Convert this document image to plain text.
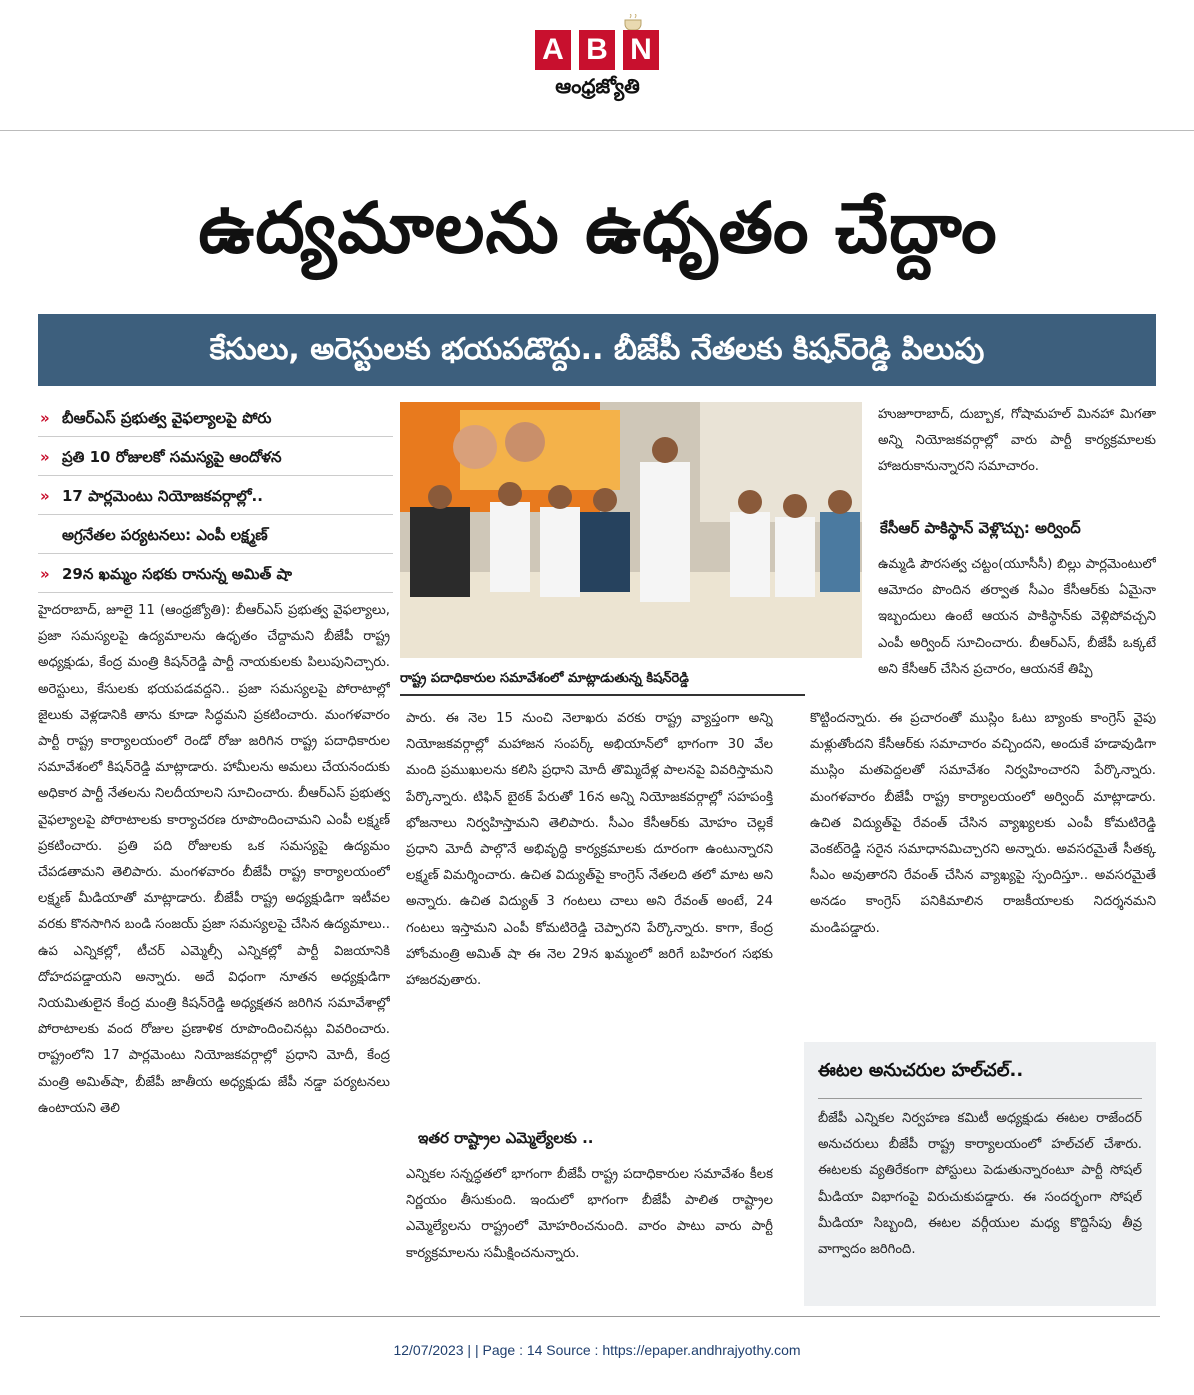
A B N
ఆంధ్రజ్యోతి
ఉద్యమాలను ఉధృతం చేద్దాం
కేసులు, అరెస్టులకు భయపడొద్దు.. బీజేపీ నేతలకు కిషన్‌రెడ్డి పిలుపు
» బీఆర్‌ఎస్ ప్రభుత్వ వైఫల్యాలపై పోరు
» ప్రతి 10 రోజులకో సమస్యపై ఆందోళన
» 17 పార్లమెంటు నియోజకవర్గాల్లో..
అగ్రనేతల పర్యటనలు: ఎంపీ లక్ష్మణ్
» 29న ఖమ్మం సభకు రానున్న అమిత్ షా

హైదరాబాద్, జూలై 11 (ఆంధ్రజ్యోతి): బీఆర్‌ఎస్ ప్రభుత్వ వైఫల్యాలు, ప్రజా సమస్యలపై ఉద్యమాలను ఉధృతం చేద్దామని బీజేపీ రాష్ట్ర అధ్యక్షుడు, కేంద్ర మంత్రి కిషన్‌రెడ్డి పార్టీ నాయకులకు పిలుపునిచ్చారు. అరెస్టులు, కేసులకు భయపడవద్దని.. ప్రజా సమస్యలపై పోరాటాల్లో జైలుకు వెళ్లడానికి తాను కూడా సిద్ధమని ప్రకటించారు. మంగళవారం పార్టీ రాష్ట్ర కార్యాలయంలో రెండో రోజు జరిగిన రాష్ట్ర పదాధికారుల సమావేశంలో కిషన్‌రెడ్డి మాట్లాడారు. హామీలను అమలు చేయనందుకు అధికార పార్టీ నేతలను నిలదీయాలని సూచించారు. బీఆర్‌ఎస్ ప్రభుత్వ వైఫల్యాలపై పోరాటాలకు కార్యాచరణ రూపొందించామని ఎంపీ లక్ష్మణ్ ప్రకటించారు. ప్రతి పది రోజులకు ఒక సమస్యపై ఉద్యమం చేపడతామని తెలిపారు. మంగళవారం బీజేపీ రాష్ట్ర కార్యాలయంలో లక్ష్మణ్ మీడియాతో మాట్లాడారు. బీజేపీ రాష్ట్ర అధ్యక్షుడిగా ఇటీవల వరకు కొనసాగిన బండి సంజయ్ ప్రజా సమస్యలపై చేసిన ఉద్యమాలు.. ఉప ఎన్నికల్లో, టీచర్ ఎమ్మెల్సీ ఎన్నికల్లో పార్టీ విజయానికి దోహదపడ్డాయని అన్నారు. అదే విధంగా నూతన అధ్యక్షుడిగా నియమితులైన కేంద్ర మంత్రి కిషన్‌రెడ్డి అధ్యక్షతన జరిగిన సమావేశాల్లో పోరాటాలకు వంద రోజుల ప్రణాళిక రూపొందించినట్లు వివరించారు. రాష్ట్రంలోని 17 పార్లమెంటు నియోజకవర్గాల్లో ప్రధాని మోదీ, కేంద్ర మంత్రి అమిత్‌షా, బీజేపీ జాతీయ అధ్యక్షుడు జేపీ నడ్డా పర్యటనలు ఉంటాయని తెలి

రాష్ట్ర పదాధికారుల సమావేశంలో మాట్లాడుతున్న కిషన్‌రెడ్డి

పారు. ఈ నెల 15 నుంచి నెలాఖరు వరకు రాష్ట్ర వ్యాప్తంగా అన్ని నియోజకవర్గాల్లో మహాజన సంపర్క్ అభియాన్‌లో భాగంగా 30 వేల మంది ప్రముఖులను కలిసి ప్రధాని మోదీ తొమ్మిదేళ్ల పాలనపై వివరిస్తామని పేర్కొన్నారు. టిఫిన్ బైఠక్ పేరుతో 16న అన్ని నియోజకవర్గాల్లో సహపంక్తి భోజనాలు నిర్వహిస్తామని తెలిపారు. సీఎం కేసీఆర్‌కు మోహం చెల్లకే ప్రధాని మోదీ పాల్గొనే అభివృద్ధి కార్యక్రమాలకు దూరంగా ఉంటున్నారని లక్ష్మణ్ విమర్శించారు. ఉచిత విద్యుత్‌పై కాంగ్రెస్ నేతలది తలో మాట అని అన్నారు. ఉచిత విద్యుత్ 3 గంటలు చాలు అని రేవంత్ అంటే, 24 గంటలు ఇస్తామని ఎంపీ కోమటిరెడ్డి చెప్పారని పేర్కొన్నారు. కాగా, కేంద్ర హోంమంత్రి అమిత్ షా ఈ నెల 29న ఖమ్మంలో జరిగే బహిరంగ సభకు హాజరవుతారు.

ఇతర రాష్ట్రాల ఎమ్మెల్యేలకు ..

ఎన్నికల సన్నద్ధతలో భాగంగా బీజేపీ రాష్ట్ర పదాధికారుల సమావేశం కీలక నిర్ణయం తీసుకుంది. ఇందులో భాగంగా బీజేపీ పాలిత రాష్ట్రాల ఎమ్మెల్యేలను రాష్ట్రంలో మోహరించనుంది. వారం పాటు వారు పార్టీ కార్యక్రమాలను సమీక్షించనున్నారు.

హుజూరాబాద్, దుబ్బాక, గోషామహల్ మినహా మిగతా అన్ని నియోజకవర్గాల్లో వారు పార్టీ కార్యక్రమాలకు హాజరుకానున్నారని సమాచారం.

కేసీఆర్ పాకిస్థాన్ వెళ్లొచ్చు: అర్వింద్

ఉమ్మడి పౌరసత్వ చట్టం(యూసీసీ) బిల్లు పార్లమెంటులో ఆమోదం పొందిన తర్వాత సీఎం కేసీఆర్‌కు ఏమైనా ఇబ్బందులు ఉంటే ఆయన పాకిస్థాన్‌కు వెళ్లిపోవచ్చని ఎంపీ అర్వింద్ సూచించారు. బీఆర్‌ఎస్, బీజేపీ ఒక్కటే అని కేసీఆర్ చేసిన ప్రచారం, ఆయనకే తిప్పి

కొట్టిందన్నారు. ఈ ప్రచారంతో ముస్లిం ఓటు బ్యాంకు కాంగ్రెస్ వైపు మళ్లుతోందని కేసీఆర్‌కు సమాచారం వచ్చిందని, అందుకే హడావుడిగా ముస్లిం మతపెద్దలతో సమావేశం నిర్వహించారని పేర్కొన్నారు. మంగళవారం బీజేపీ రాష్ట్ర కార్యాలయంలో అర్వింద్ మాట్లాడారు. ఉచిత విద్యుత్‌పై రేవంత్ చేసిన వ్యాఖ్యలకు ఎంపీ కోమటిరెడ్డి వెంకట్‌రెడ్డి సరైన సమాధానమిచ్చారని అన్నారు. అవసరమైతే సీతక్క సీఎం అవుతారని రేవంత్ చేసిన వ్యాఖ్యపై స్పందిస్తూ.. అవసరమైతే అనడం కాంగ్రెస్ పనికిమాలిన రాజకీయాలకు నిదర్శనమని మండిపడ్డారు.

ఈటల అనుచరుల హల్‌చల్..

బీజేపీ ఎన్నికల నిర్వహణ కమిటీ అధ్యక్షుడు ఈటల రాజేందర్ అనుచరులు బీజేపీ రాష్ట్ర కార్యాలయంలో హల్‌చల్ చేశారు. ఈటలకు వ్యతిరేకంగా పోస్టులు పెడుతున్నారంటూ పార్టీ సోషల్ మీడియా విభాగంపై విరుచుకుపడ్డారు. ఈ సందర్భంగా సోషల్ మీడియా సిబ్బంది, ఈటల వర్గీయుల మధ్య కొద్దిసేపు తీవ్ర వాగ్వాదం జరిగింది.

12/07/2023 | | Page : 14 Source : https://epaper.andhrajyothy.com
